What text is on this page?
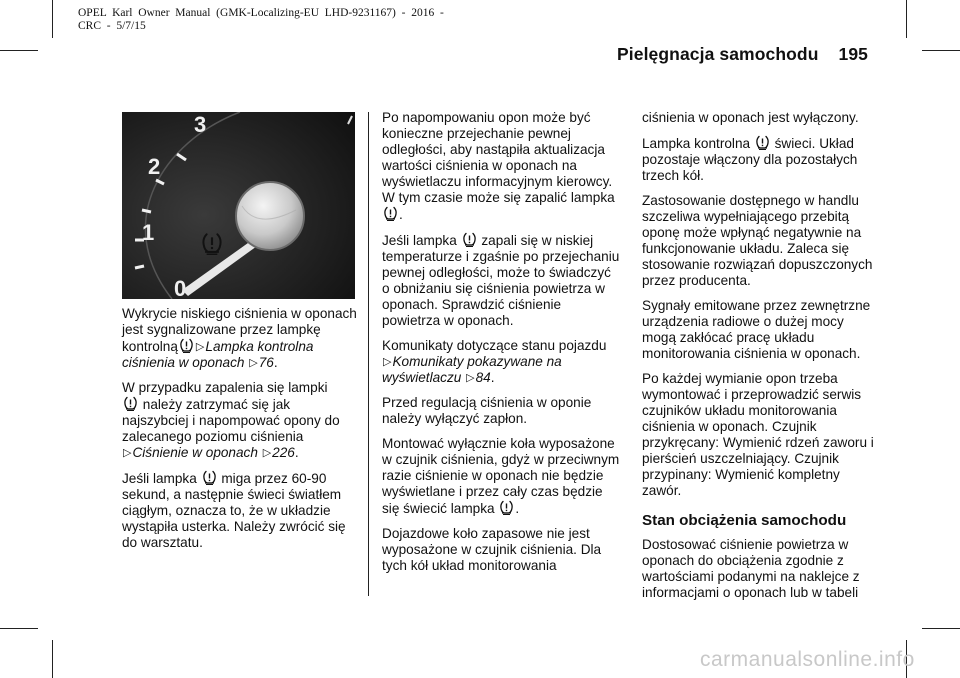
OPEL  Karl  Owner  Manual  (GMK-Localizing-EU  LHD-9231167)  -  2016  -
CRC  -  5/7/15
Pielęgnacja samochodu 195
3
2
1
0

Wykrycie niskiego ciśnienia w oponach jest sygnalizowane przez lampkę kontrolną ▷Lampka kontrolna ciśnienia w oponach ▷76.

W przypadku zapalenia się lampki
należy zatrzymać się jak najszybciej i napompować opony do zalecanego poziomu ciśnienia ▷Ciśnienie w oponach ▷226.

Jeśli lampka miga przez 60-90 sekund, a następnie świeci światłem ciągłym, oznacza to, że w układzie wystąpiła usterka. Należy zwrócić się do warsztatu.

Po napompowaniu opon może być konieczne przejechanie pewnej odległości, aby nastąpiła aktualizacja wartości ciśnienia w oponach na wyświetlaczu informacyjnym kierowcy. W tym czasie może się zapalić lampka .

Jeśli lampka zapali się w niskiej temperaturze i zgaśnie po przejechaniu pewnej odległości, może to świadczyć o obniżaniu się ciśnienia powietrza w oponach. Sprawdzić ciśnienie powietrza w oponach.

Komunikaty dotyczące stanu pojazdu ▷Komunikaty pokazywane na wyświetlaczu ▷84.

Przed regulacją ciśnienia w oponie należy wyłączyć zapłon.

Montować wyłącznie koła wyposażone w czujnik ciśnienia, gdyż w przeciwnym razie ciśnienie w oponach nie będzie wyświetlane i przez cały czas będzie się świecić lampka .

Dojazdowe koło zapasowe nie jest wyposażone w czujnik ciśnienia. Dla tych kół układ monitorowania

ciśnienia w oponach jest wyłączony.

Lampka kontrolna świeci. Układ pozostaje włączony dla pozostałych trzech kół.

Zastosowanie dostępnego w handlu szczeliwa wypełniającego przebitą oponę może wpłynąć negatywnie na funkcjonowanie układu. Zaleca się stosowanie rozwiązań dopuszczonych przez producenta.

Sygnały emitowane przez zewnętrzne urządzenia radiowe o dużej mocy mogą zakłócać pracę układu monitorowania ciśnienia w oponach.

Po każdej wymianie opon trzeba wymontować i przeprowadzić serwis czujników układu monitorowania ciśnienia w oponach. Czujnik przykręcany: Wymienić rdzeń zaworu i pierścień uszczelniający. Czujnik przypinany: Wymienić kompletny zawór.

Stan obciążenia samochodu

Dostosować ciśnienie powietrza w oponach do obciążenia zgodnie z wartościami podanymi na naklejce z informacjami o oponach lub w tabeli

carmanualsonline.info
